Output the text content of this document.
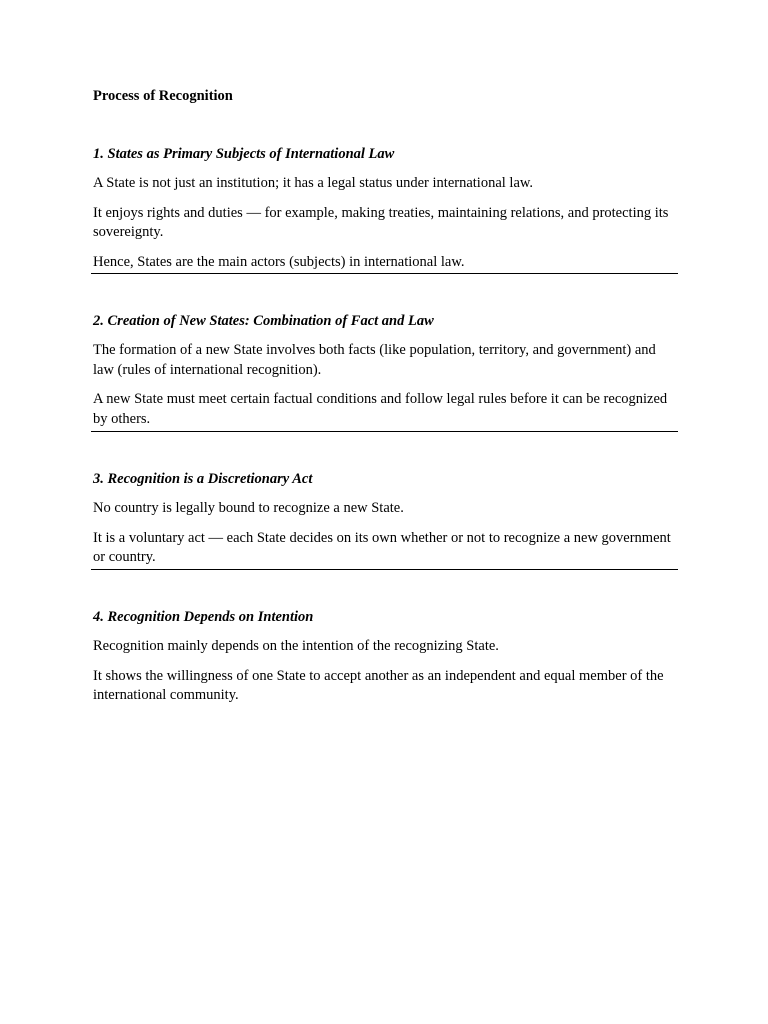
Process of Recognition
1. States as Primary Subjects of International Law

A State is not just an institution; it has a legal status under international law.

It enjoys rights and duties — for example, making treaties, maintaining relations, and protecting its sovereignty.

Hence, States are the main actors (subjects) in international law.

2. Creation of New States: Combination of Fact and Law

The formation of a new State involves both facts (like population, territory, and government) and law (rules of international recognition).

A new State must meet certain factual conditions and follow legal rules before it can be recognized by others.

3. Recognition is a Discretionary Act

No country is legally bound to recognize a new State.

It is a voluntary act — each State decides on its own whether or not to recognize a new government or country.

4. Recognition Depends on Intention

Recognition mainly depends on the intention of the recognizing State.

It shows the willingness of one State to accept another as an independent and equal member of the international community.
